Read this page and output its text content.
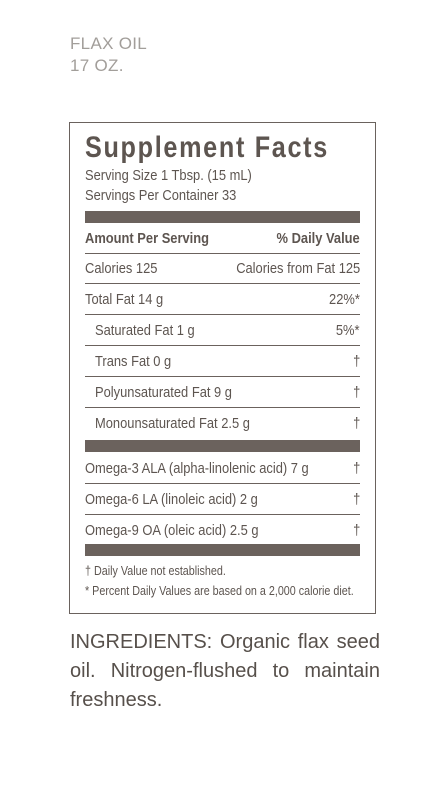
FLAX OIL
17 OZ.
Supplement Facts
Serving Size 1 Tbsp. (15 mL)
Servings Per Container 33
Amount Per Serving	% Daily Value
Calories 125	Calories from Fat 125
Total Fat 14 g	22%*
Saturated Fat 1 g	5%*
Trans Fat 0 g	†
Polyunsaturated Fat 9 g	†
Monounsaturated Fat 2.5 g	†
Omega-3 ALA (alpha-linolenic acid) 7 g	†
Omega-6 LA (linoleic acid) 2 g	†
Omega-9 OA (oleic acid) 2.5 g	†
† Daily Value not established.
* Percent Daily Values are based on a 2,000 calorie diet.
INGREDIENTS: Organic flax seed oil. Nitrogen-flushed to maintain freshness.
